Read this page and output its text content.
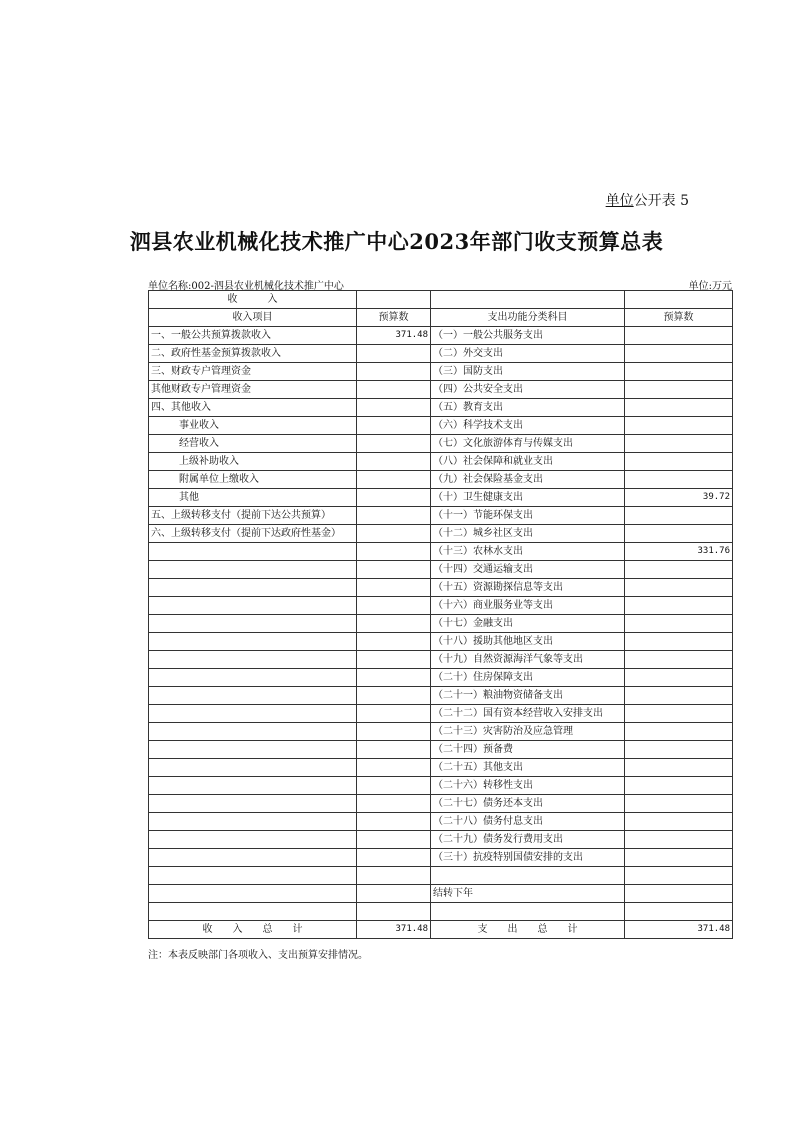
单位公开表 5
泗县农业机械化技术推广中心2023年部门收支预算总表
单位名称:002-泗县农业机械化技术推广中心	单位:万元
收　　　入			
收入项目	预算数	支出功能分类科目	预算数
一、一般公共预算拨款收入	371.48	（一）一般公共服务支出	
二、政府性基金预算拨款收入		（二）外交支出	
三、财政专户管理资金		（三）国防支出	
其他财政专户管理资金		（四）公共安全支出	
四、其他收入		（五）教育支出	
事业收入		（六）科学技术支出	
经营收入		（七）文化旅游体育与传媒支出	
上级补助收入		（八）社会保障和就业支出	
附属单位上缴收入		（九）社会保险基金支出	
其他		（十）卫生健康支出	39.72
五、上级转移支付（提前下达公共预算）		（十一）节能环保支出	
六、上级转移支付（提前下达政府性基金）		（十二）城乡社区支出	
		（十三）农林水支出	331.76
		（十四）交通运输支出	
		（十五）资源勘探信息等支出	
		（十六）商业服务业等支出	
		（十七）金融支出	
		（十八）援助其他地区支出	
		（十九）自然资源海洋气象等支出	
		（二十）住房保障支出	
		（二十一）粮油物资储备支出	
		（二十二）国有资本经营收入安排支出	
		（二十三）灾害防治及应急管理	
		（二十四）预备费	
		（二十五）其他支出	
		（二十六）转移性支出	
		（二十七）债务还本支出	
		（二十八）债务付息支出	
		（二十九）债务发行费用支出	
		（三十）抗疫特别国债安排的支出	

		结转下年	

收　　入　　总　　计	371.48	支　　出　　总　　计	371.48
注：本表反映部门各项收入、支出预算安排情况。
